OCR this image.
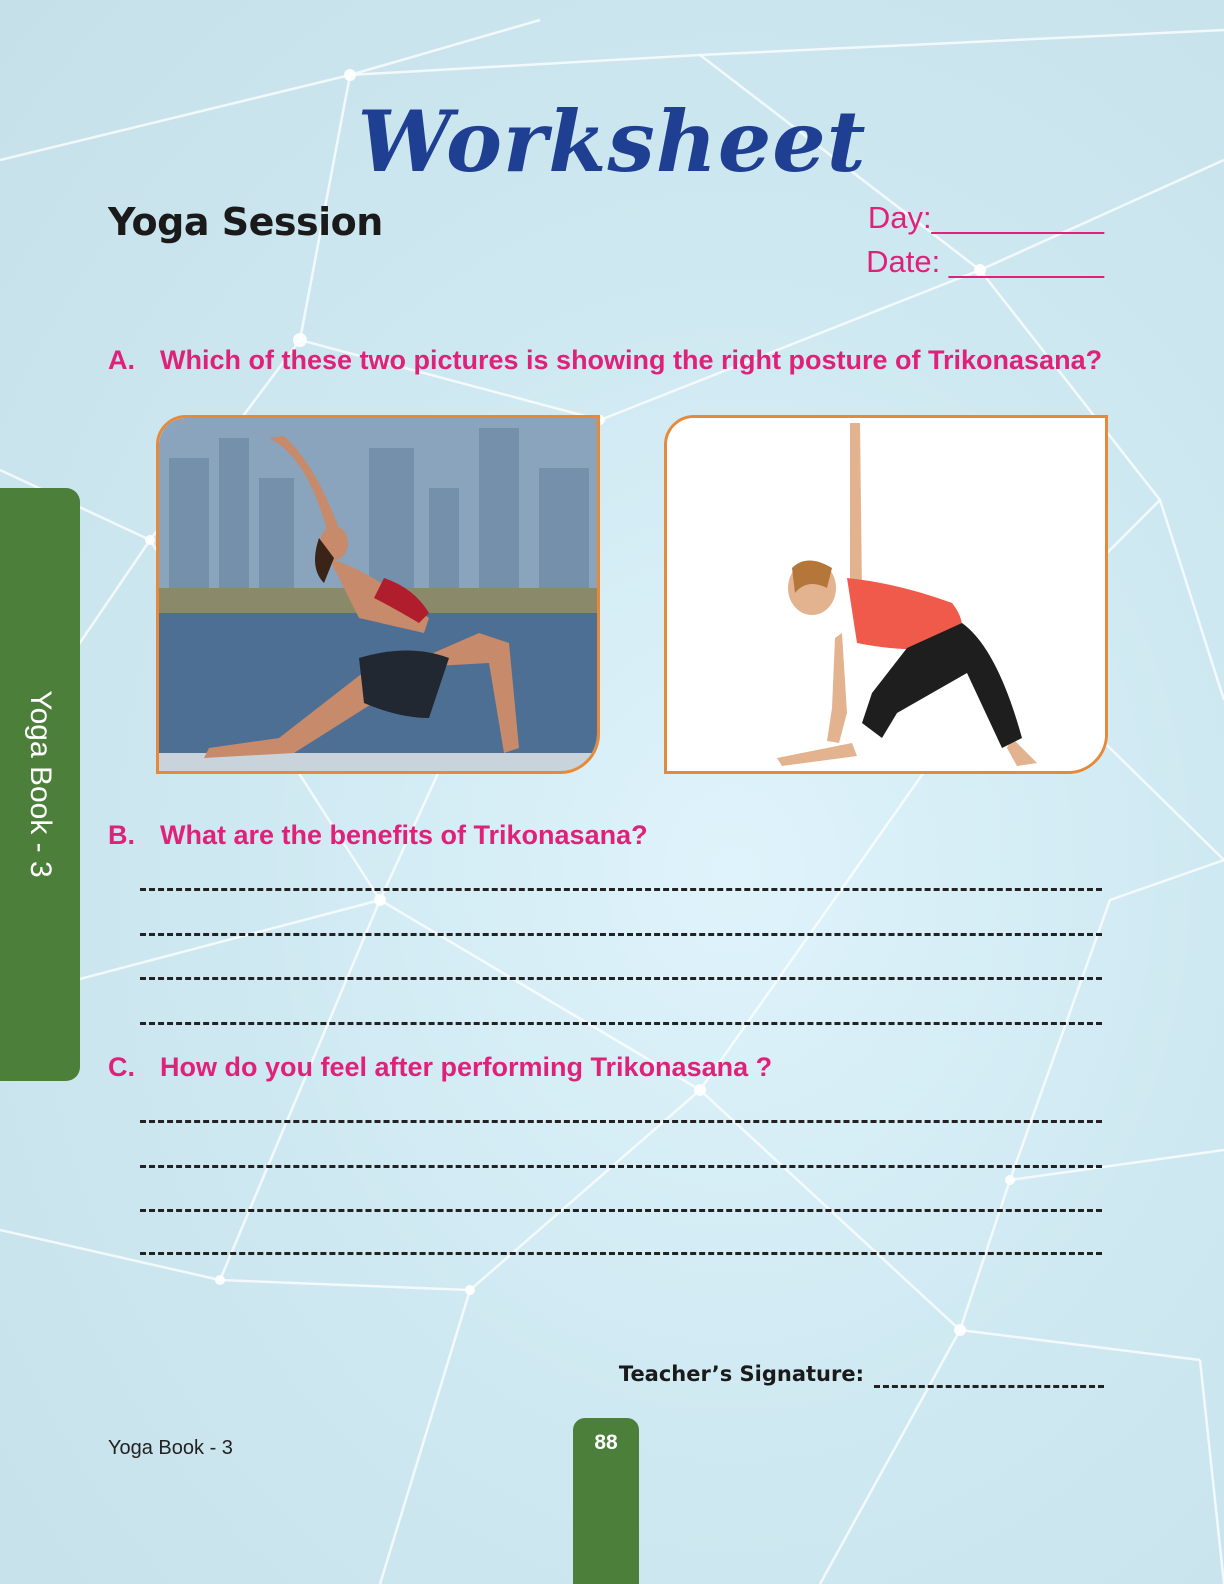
Worksheet
Yoga Session	Day:__________
Date: _________
A. Which of these two pictures is showing the right posture of Trikonasana?
B. What are the benefits of Trikonasana?
C. How do you feel after performing Trikonasana ?
Yoga Book - 3
Teacher’s Signature:
Yoga Book - 3	88
